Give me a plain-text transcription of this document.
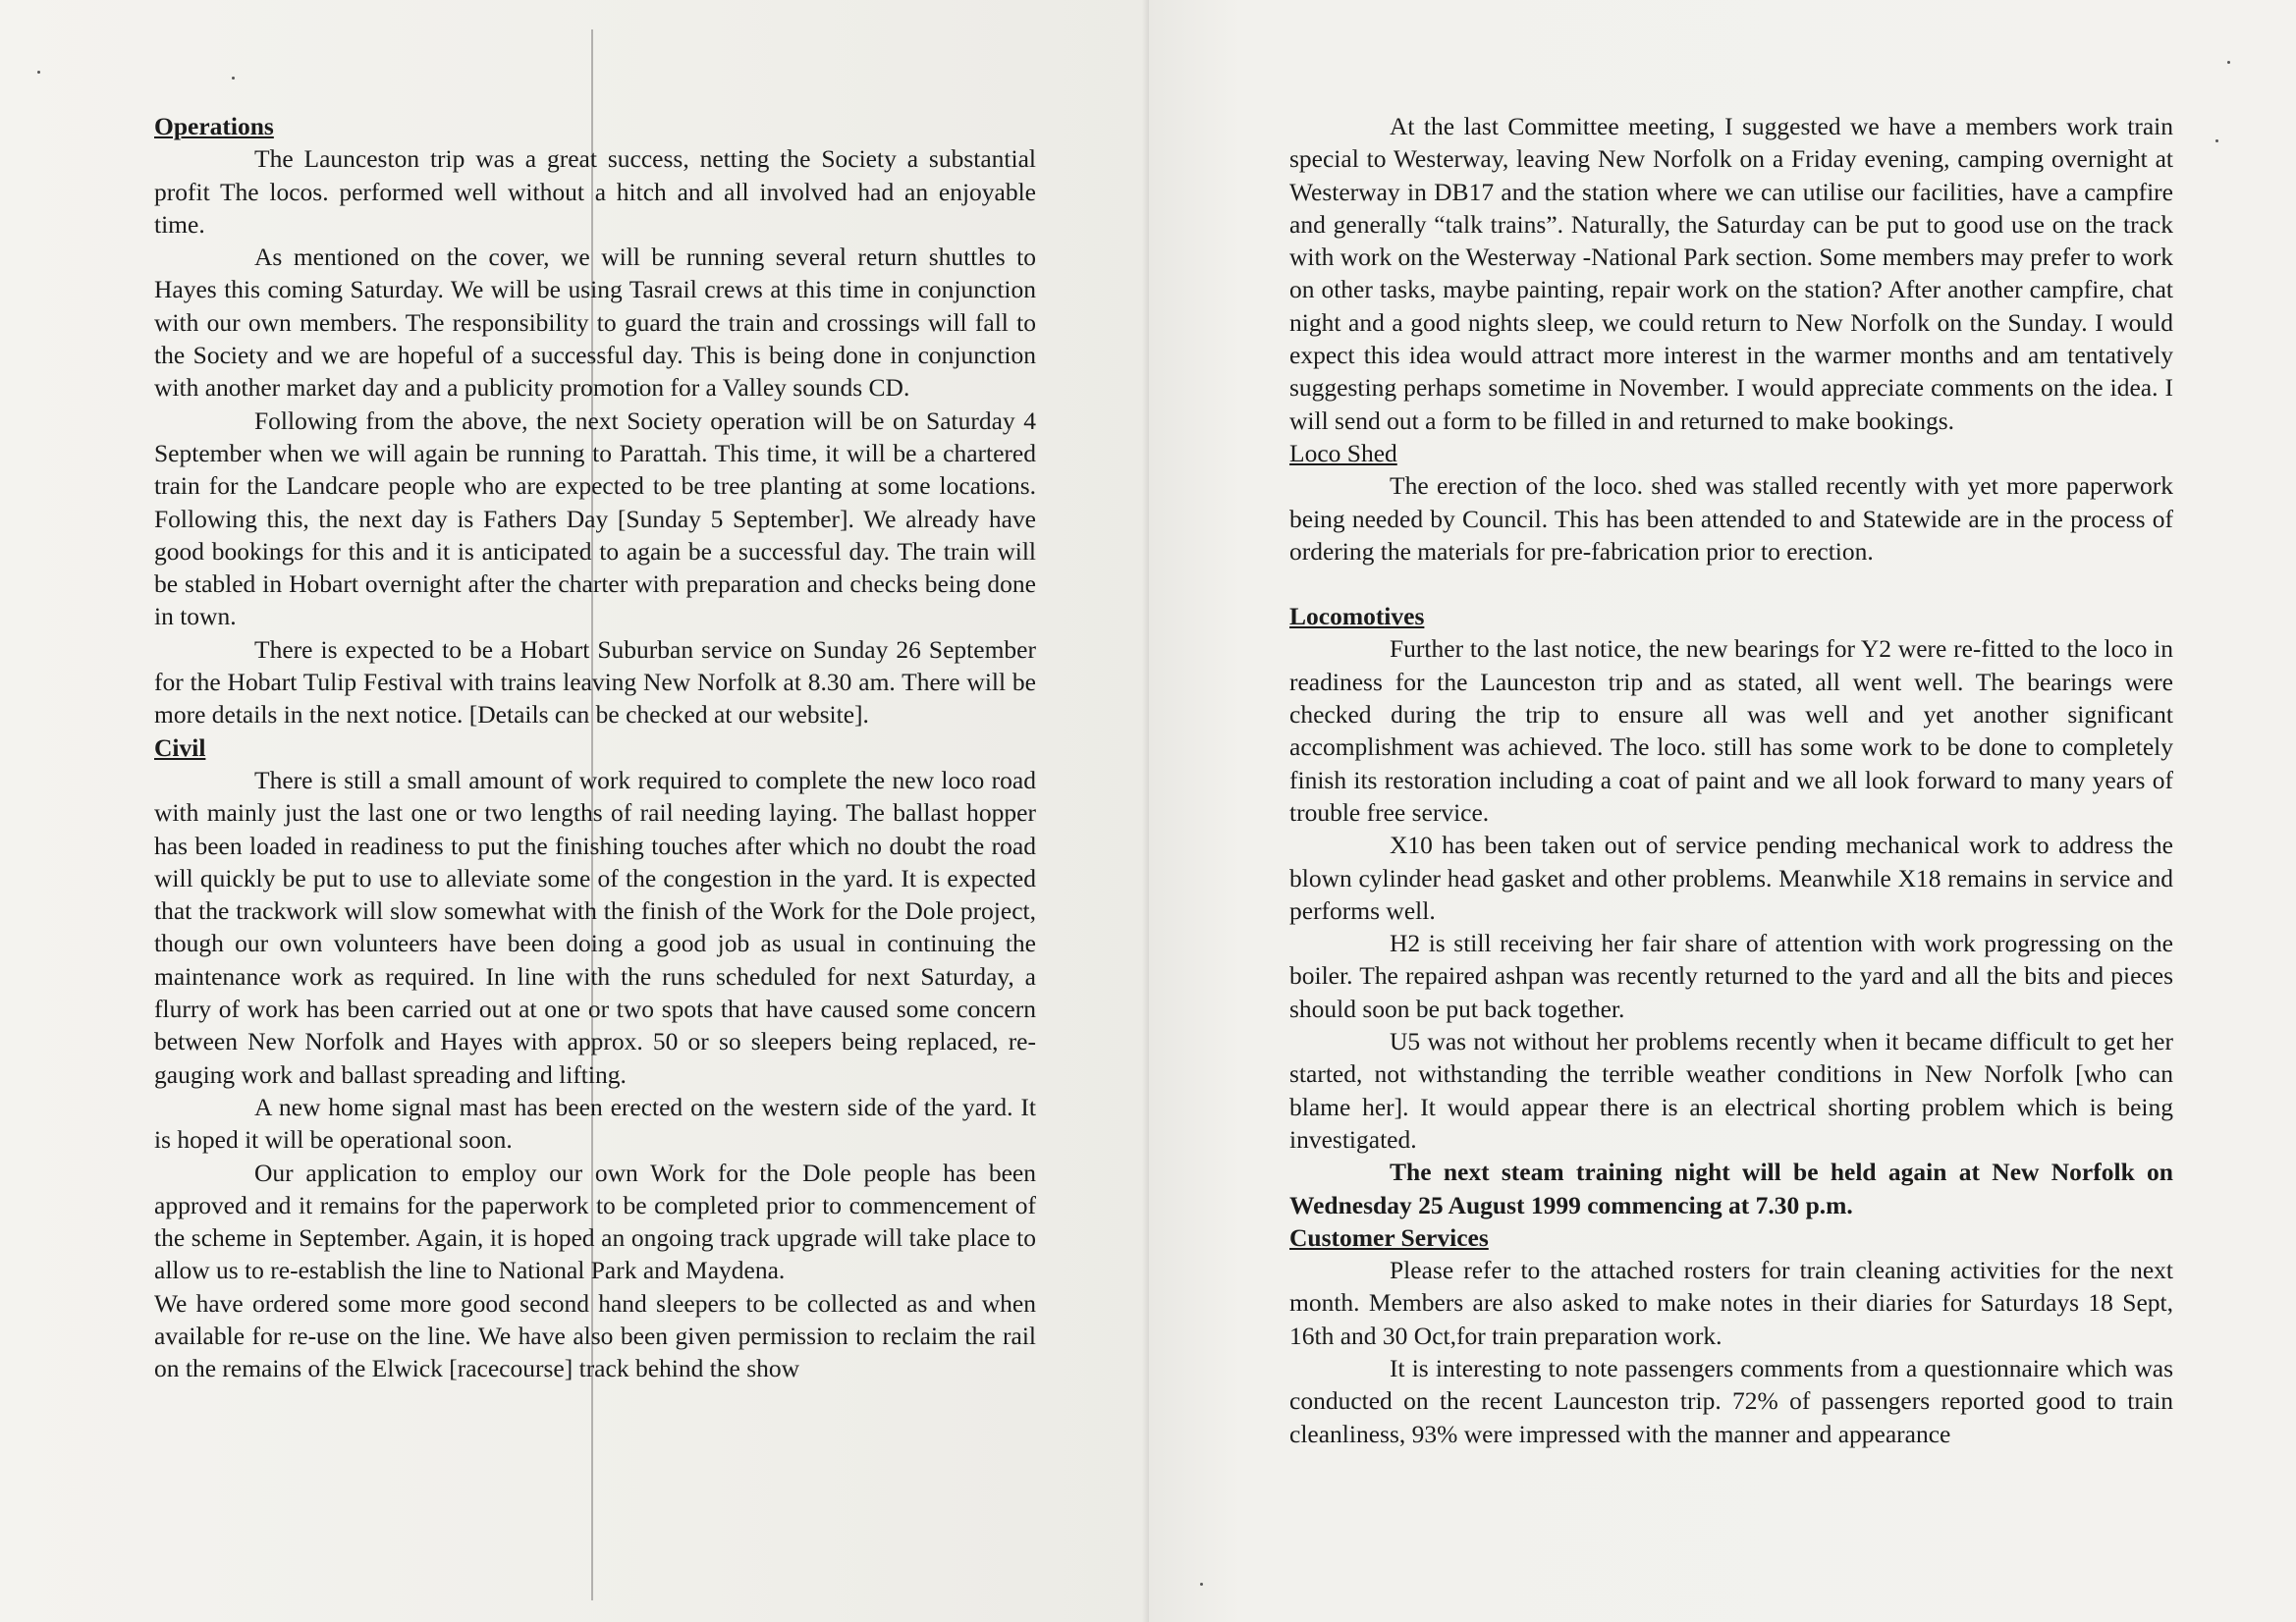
Operations

The Launceston trip was a great success, netting the Society a substantial profit The locos. performed well without a hitch and all involved had an enjoyable time.

As mentioned on the cover, we will be running several return shuttles to Hayes this coming Saturday. We will be using Tasrail crews at this time in conjunction with our own members. The responsibility to guard the train and crossings will fall to the Society and we are hopeful of a successful day. This is being done in conjunction with another market day and a publicity promotion for a Valley sounds CD.

Following from the above, the next Society operation will be on Saturday 4 September when we will again be running to Parattah. This time, it will be a chartered train for the Landcare people who are expected to be tree planting at some locations. Following this, the next day is Fathers Day [Sunday 5 September]. We already have good bookings for this and it is anticipated to again be a successful day. The train will be stabled in Hobart overnight after the charter with preparation and checks being done in town.

There is expected to be a Hobart Suburban service on Sunday 26 September for the Hobart Tulip Festival with trains leaving New Norfolk at 8.30 am. There will be more details in the next notice. [Details can be checked at our website].

Civil

There is still a small amount of work required to complete the new loco road with mainly just the last one or two lengths of rail needing laying. The ballast hopper has been loaded in readiness to put the finishing touches after which no doubt the road will quickly be put to use to alleviate some of the congestion in the yard. It is expected that the trackwork will slow somewhat with the finish of the Work for the Dole project, though our own volunteers have been doing a good job as usual in continuing the maintenance work as required. In line with the runs scheduled for next Saturday, a flurry of work has been carried out at one or two spots that have caused some concern between New Norfolk and Hayes with approx. 50 or so sleepers being replaced, re-gauging work and ballast spreading and lifting.

A new home signal mast has been erected on the western side of the yard. It is hoped it will be operational soon.

Our application to employ our own Work for the Dole people has been approved and it remains for the paperwork to be completed prior to commencement of the scheme in September. Again, it is hoped an ongoing track upgrade will take place to allow us to re-establish the line to National Park and Maydena.

We have ordered some more good second hand sleepers to be collected as and when available for re-use on the line. We have also been given permission to reclaim the rail on the remains of the Elwick [racecourse] track behind the show

At the last Committee meeting, I suggested we have a members work train special to Westerway, leaving New Norfolk on a Friday evening, camping overnight at Westerway in DB17 and the station where we can utilise our facilities, have a campfire and generally “talk trains”. Naturally, the Saturday can be put to good use on the track with work on the Westerway -National Park section. Some members may prefer to work on other tasks, maybe painting, repair work on the station? After another campfire, chat night and a good nights sleep, we could return to New Norfolk on the Sunday. I would expect this idea would attract more interest in the warmer months and am tentatively suggesting perhaps sometime in November. I would appreciate comments on the idea. I will send out a form to be filled in and returned to make bookings.

Loco Shed

The erection of the loco. shed was stalled recently with yet more paperwork being needed by Council. This has been attended to and Statewide are in the process of ordering the materials for pre-fabrication prior to erection.

Locomotives

Further to the last notice, the new bearings for Y2 were re-fitted to the loco in readiness for the Launceston trip and as stated, all went well. The bearings were checked during the trip to ensure all was well and yet another significant accomplishment was achieved. The loco. still has some work to be done to completely finish its restoration including a coat of paint and we all look forward to many years of trouble free service.

X10 has been taken out of service pending mechanical work to address the blown cylinder head gasket and other problems. Meanwhile X18 remains in service and performs well.

H2 is still receiving her fair share of attention with work progressing on the boiler. The repaired ashpan was recently returned to the yard and all the bits and pieces should soon be put back together.

U5 was not without her problems recently when it became difficult to get her started, not withstanding the terrible weather conditions in New Norfolk [who can blame her]. It would appear there is an electrical shorting problem which is being investigated.

The next steam training night will be held again at New Norfolk on Wednesday 25 August 1999 commencing at 7.30 p.m.

Customer Services

Please refer to the attached rosters for train cleaning activities for the next month. Members are also asked to make notes in their diaries for Saturdays 18 Sept, 16th and 30 Oct,for train preparation work.

It is interesting to note passengers comments from a questionnaire which was conducted on the recent Launceston trip. 72% of passengers reported good to train cleanliness, 93% were impressed with the manner and appearance
